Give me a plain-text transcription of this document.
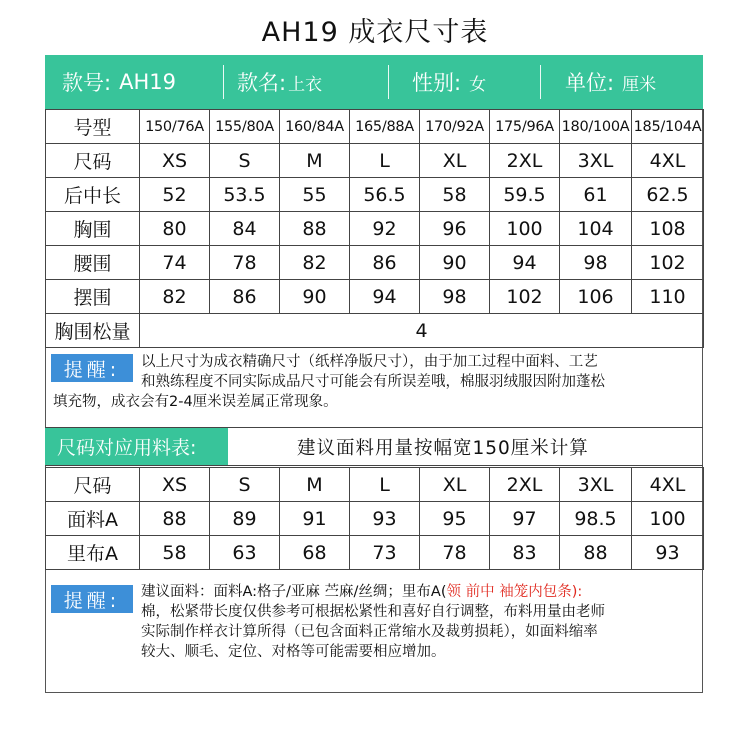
AH19 成衣尺寸表
款号: AH19	款名: 上衣	性别: 女	单位: 厘米
号型	150/76A	155/80A	160/84A	165/88A	170/92A	175/96A	180/100A	185/104A
尺码	XS	S	M	L	XL	2XL	3XL	4XL
后中长	52	53.5	55	56.5	58	59.5	61	62.5
胸围	80	84	88	92	96	100	104	108
腰围	74	78	82	86	90	94	98	102
摆围	82	86	90	94	98	102	106	110
胸围松量	4							
提醒:	以上尺寸为成衣精确尺寸（纸样净版尺寸），由于加工过程中面料、工艺
和熟练程度不同实际成品尺寸可能会有所误差哦，棉服羽绒服因附加蓬松
填充物，成衣会有2-4厘米误差属正常现象。
尺码对应用料表:	建议面料用量按幅宽150厘米计算
尺码	XS	S	M	L	XL	2XL	3XL	4XL
面料A	88	89	91	93	95	97	98.5	100
里布A	58	63	68	73	78	83	88	93
提醒:	建议面料：面料A:格子/亚麻 苎麻/丝绸；里布A(领 前中 袖笼内包条):
棉，松紧带长度仅供参考可根据松紧性和喜好自行调整，布料用量由老师
实际制作样衣计算所得（已包含面料正常缩水及裁剪损耗），如面料缩率
较大、顺毛、定位、对格等可能需要相应增加。
